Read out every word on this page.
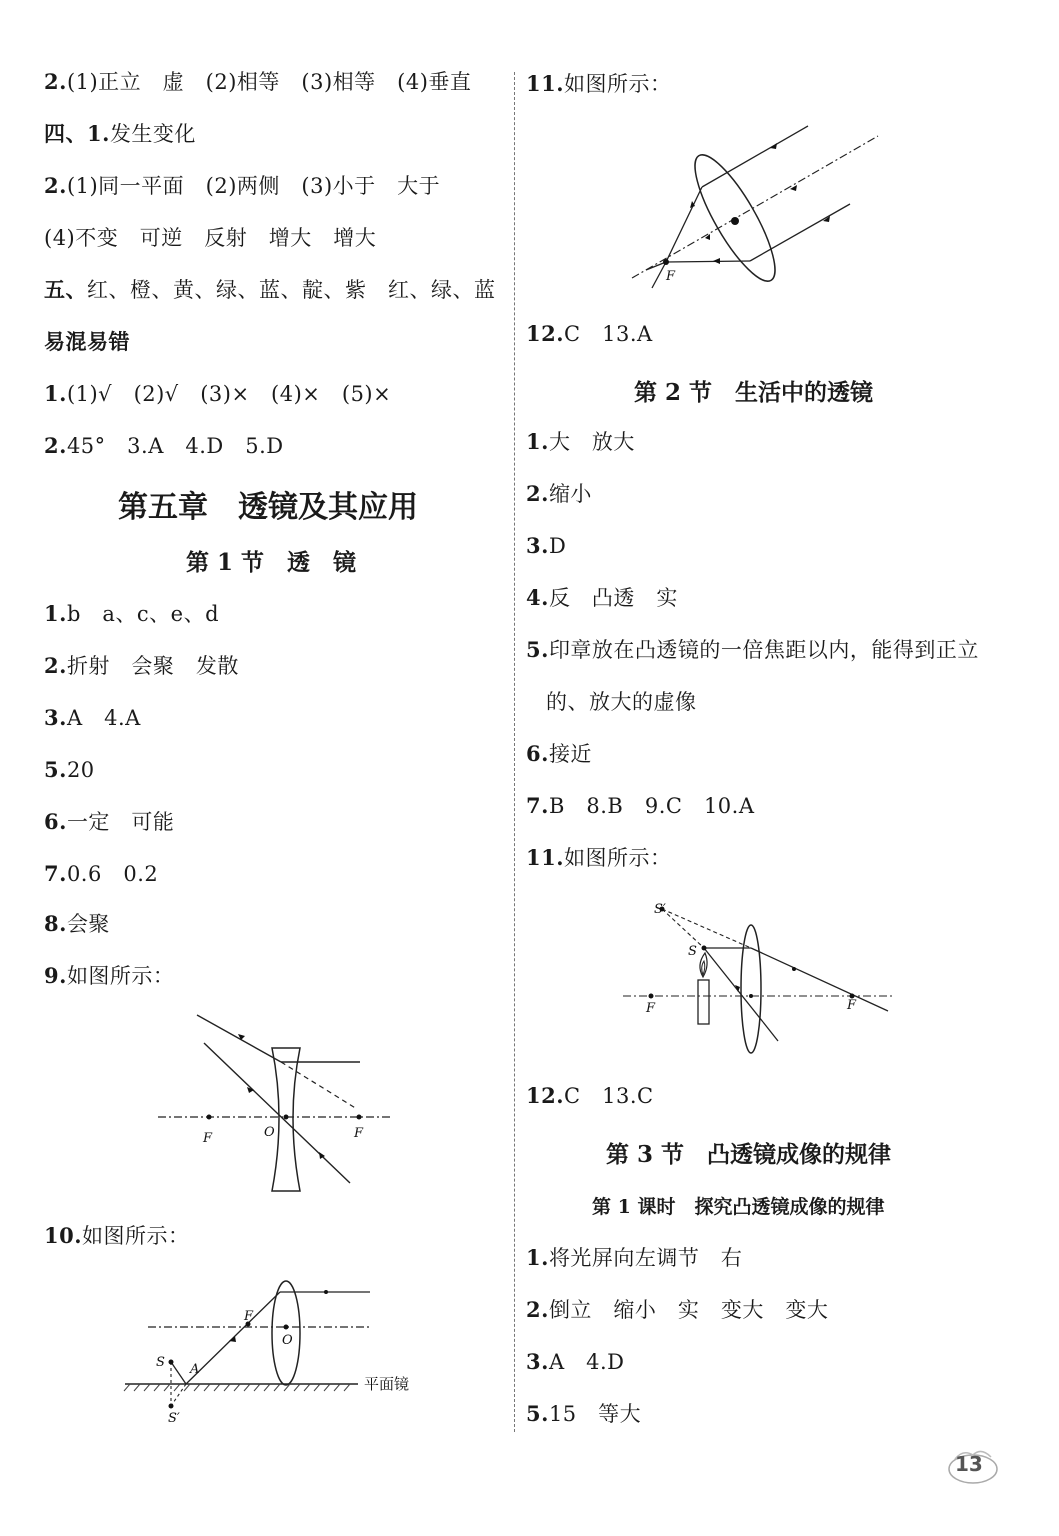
2.(1)正立　虚　(2)相等　(3)相等　(4)垂直
四、1.发生变化
2.(1)同一平面　(2)两侧　(3)小于　大于
(4)不变　可逆　反射　增大　增大
五、红、橙、黄、绿、蓝、靛、紫　红、绿、蓝
易混易错
1.(1)√　(2)√　(3)×　(4)×　(5)×
2.45°　3.A　4.D　5.D
第五章　透镜及其应用
第 1 节　透　镜
1.b　a、c、e、d
2.折射　会聚　发散
3.A　4.A
5.20
6.一定　可能
7.0.6　0.2
8.会聚
9.如图所示：
F	O	F
10.如图所示：
F
O
S A
S′
平面镜
11.如图所示：
F
12.C　13.A
第 2 节　生活中的透镜
1.大　放大
2.缩小
3.D
4.反　凸透　实
5.印章放在凸透镜的一倍焦距以内，能得到正立
的、放大的虚像
6.接近
7.B　8.B　9.C　10.A
11.如图所示：
S′
S
F	F
12.C　13.C
第 3 节　凸透镜成像的规律
第 1 课时　探究凸透镜成像的规律
1.将光屏向左调节　右
2.倒立　缩小　实　变大　变大
3.A　4.D
5.15　等大
13
